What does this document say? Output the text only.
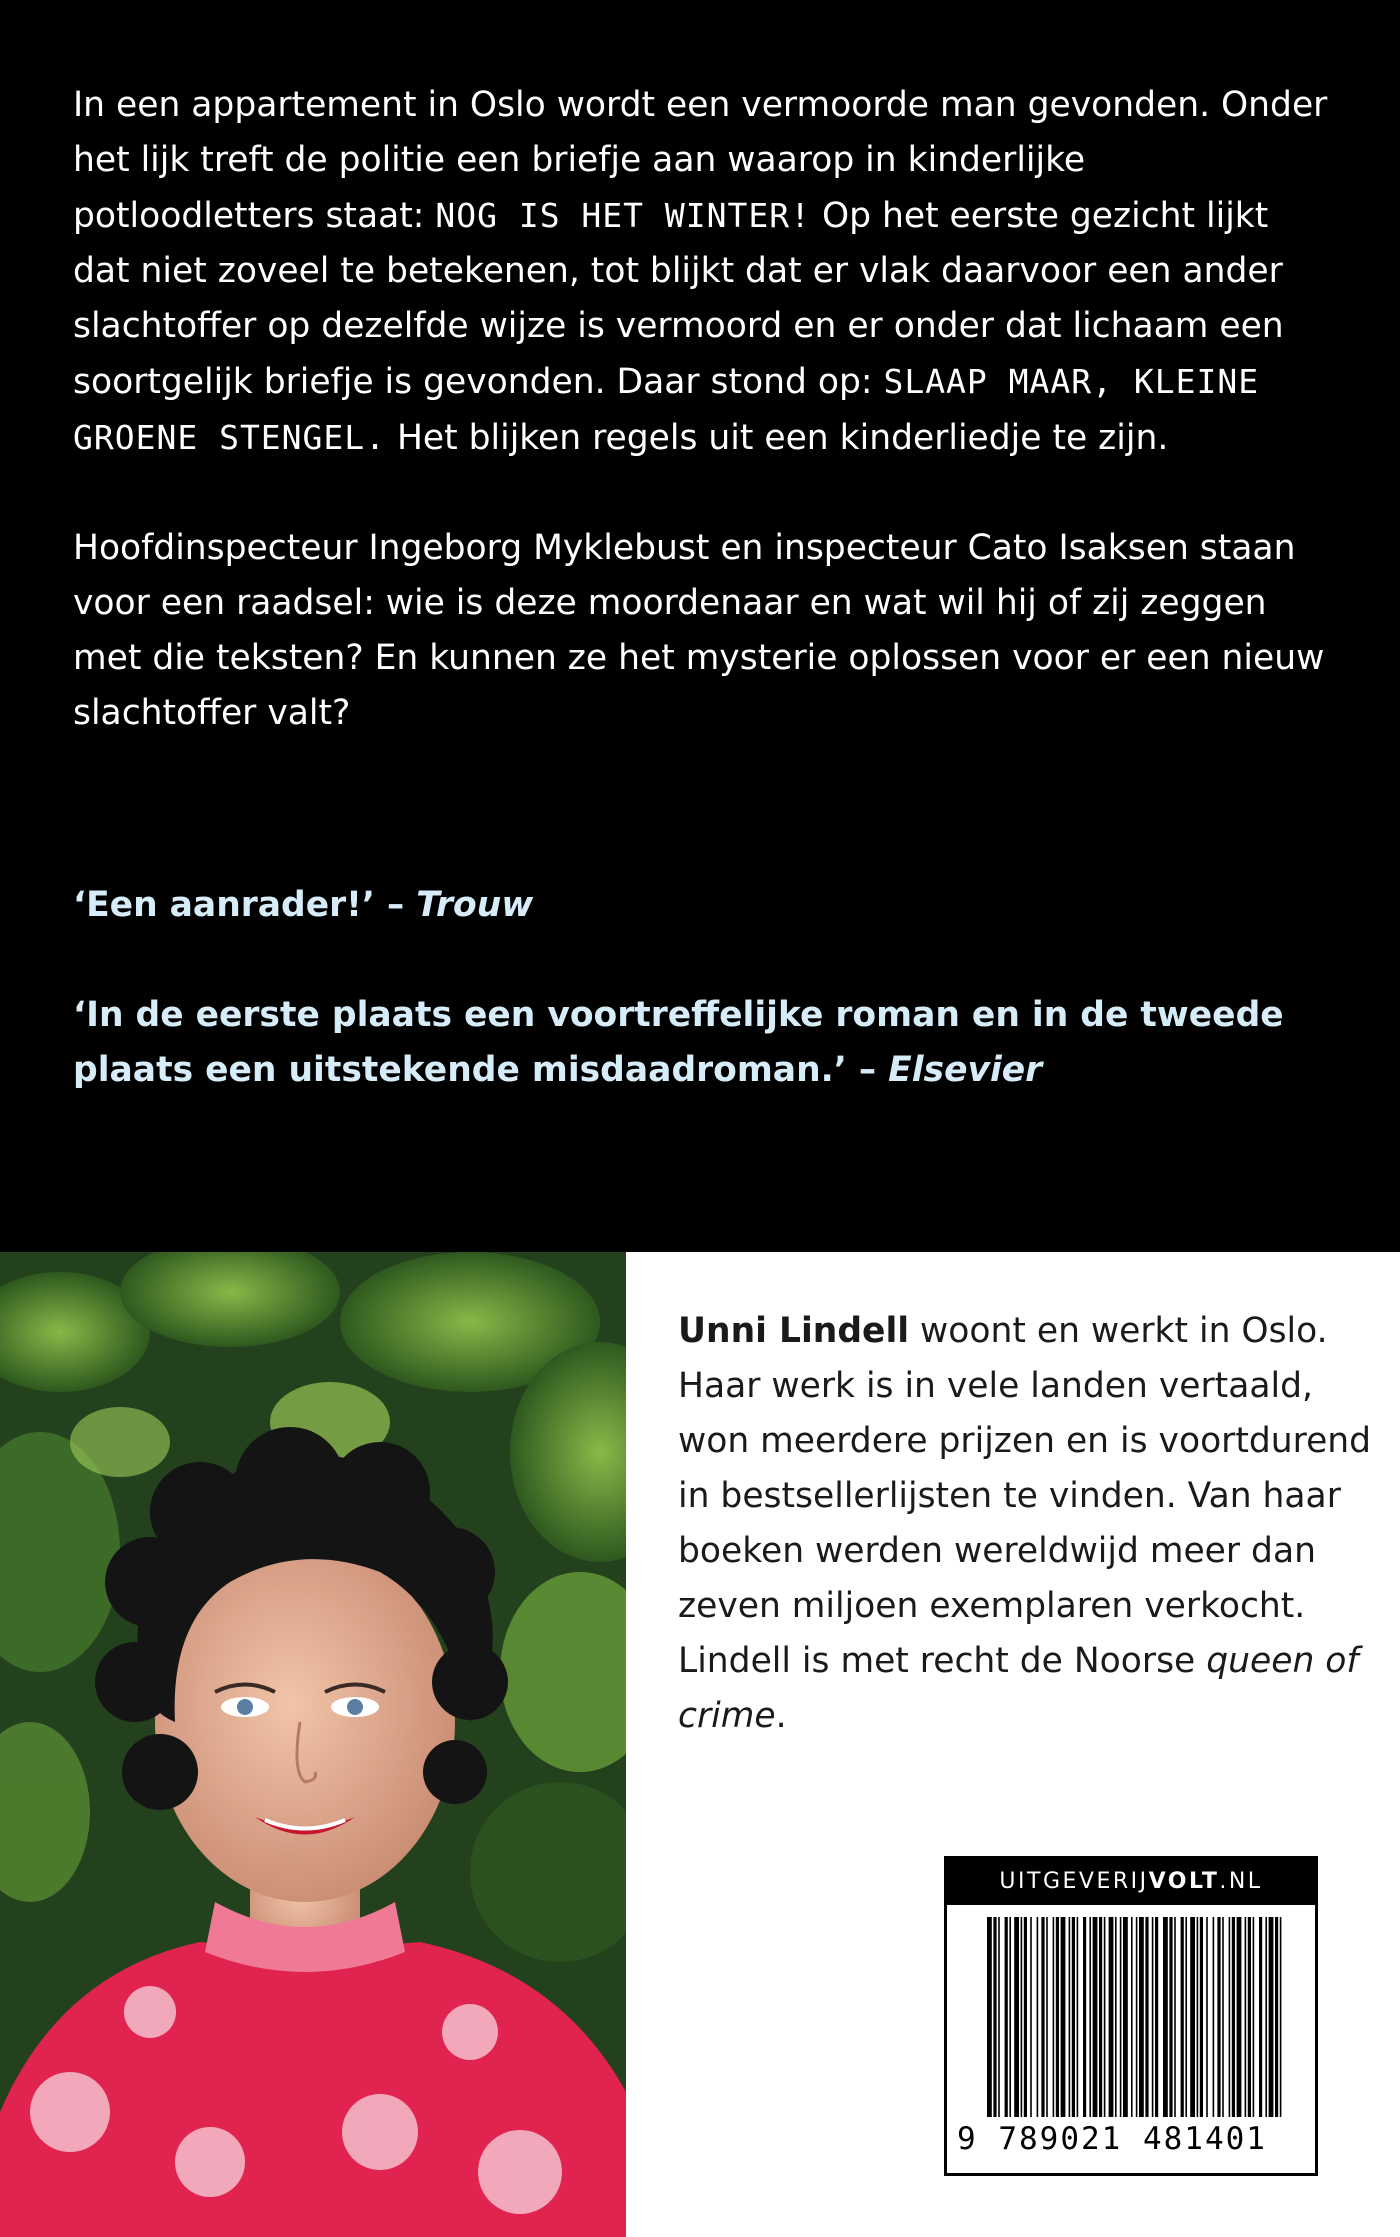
In een appartement in Oslo wordt een vermoorde man gevonden. Onder het lijk treft de politie een briefje aan waarop in kinderlijke potloodletters staat: NOG IS HET WINTER! Op het eerste gezicht lijkt dat niet zoveel te betekenen, tot blijkt dat er vlak daarvoor een ander slachtoffer op dezelfde wijze is vermoord en er onder dat lichaam een soortgelijk briefje is gevonden. Daar stond op: SLAAP MAAR, KLEINE GROENE STENGEL. Het blijken regels uit een kinderliedje te zijn.

Hoofdinspecteur Ingeborg Myklebust en inspecteur Cato Isaksen staan voor een raadsel: wie is deze moordenaar en wat wil hij of zij zeggen met die teksten? En kunnen ze het mysterie oplossen voor er een nieuw slachtoffer valt?

‘Een aanrader!’ – Trouw

‘In de eerste plaats een voortreffelijke roman en in de tweede plaats een uitstekende misdaadroman.’ – Elsevier

Unni Lindell woont en werkt in Oslo. Haar werk is in vele landen vertaald, won meerdere prijzen en is voortdurend in bestsellerlijsten te vinden. Van haar boeken werden wereldwijd meer dan zeven miljoen exemplaren verkocht. Lindell is met recht de Noorse queen of crime.

UITGEVERIJVOLT.NL
9 789021 481401
